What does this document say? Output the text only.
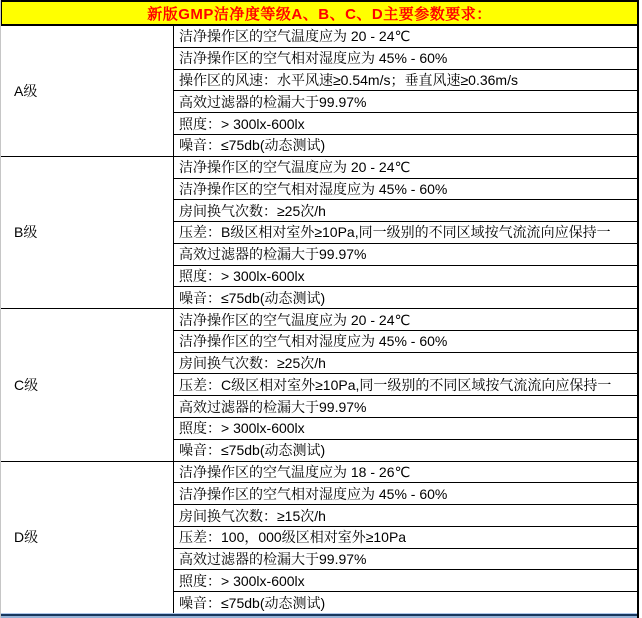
新版GMP洁净度等级A、B、C、D主要参数要求：
A级
洁净操作区的空气温度应为 20 - 24℃
洁净操作区的空气相对湿度应为 45% - 60%
操作区的风速：水平风速≥0.54m/s；垂直风速≥0.36m/s
高效过滤器的检漏大于99.97%
照度：> 300lx-600lx
噪音：≤75db(动态测试)
B级
洁净操作区的空气温度应为 20 - 24℃
洁净操作区的空气相对湿度应为 45% - 60%
房间换气次数：≥25次/h
压差：B级区相对室外≥10Pa,同一级别的不同区域按气流流向应保持一
高效过滤器的检漏大于99.97%
照度：> 300lx-600lx
噪音：≤75db(动态测试)
C级
洁净操作区的空气温度应为 20 - 24℃
洁净操作区的空气相对湿度应为 45% - 60%
房间换气次数：≥25次/h
压差：C级区相对室外≥10Pa,同一级别的不同区域按气流流向应保持一
高效过滤器的检漏大于99.97%
照度：> 300lx-600lx
噪音：≤75db(动态测试)
D级
洁净操作区的空气温度应为 18 - 26℃
洁净操作区的空气相对湿度应为 45% - 60%
房间换气次数：≥15次/h
压差：100，000级区相对室外≥10Pa
高效过滤器的检漏大于99.97%
照度：> 300lx-600lx
噪音：≤75db(动态测试)
